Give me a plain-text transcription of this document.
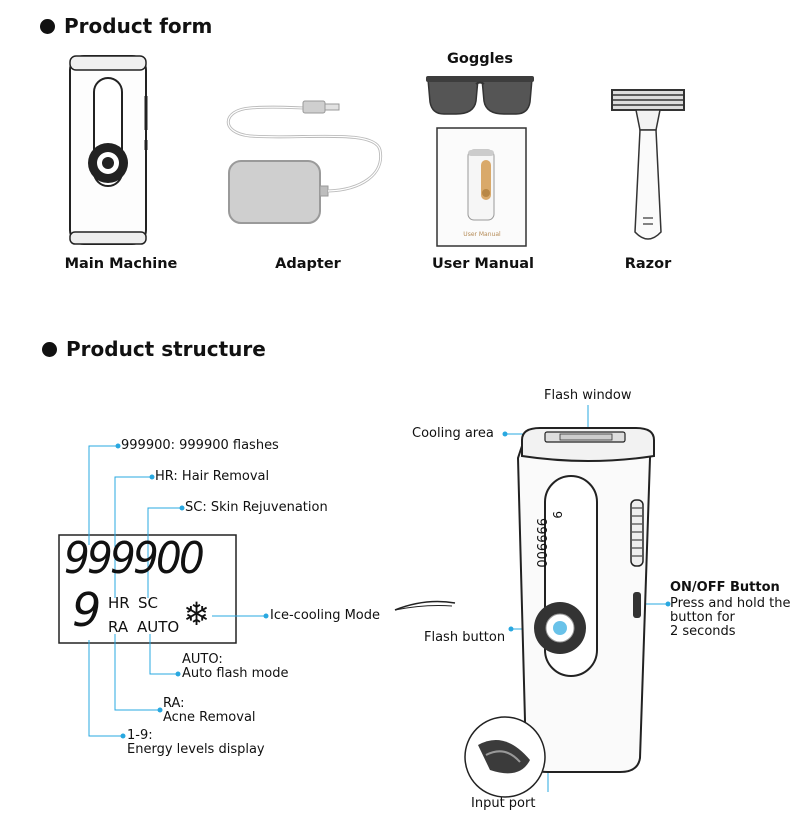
Product form
Product structure
User Manual
Main Machine	Adapter
Goggles
User Manual	Razor
999900
9 HR SC
RA AUTO ❄
999900
9
999900: 999900 flashes
HR: Hair Removal
SC: Skin Rejuvenation
Ice-cooling Mode
AUTO:
Auto flash mode
RA:
Acne Removal
1-9:
Energy levels display
Flash window
Cooling area
Flash button
ON/OFF Button
Press and hold the
button for
2 seconds
Input port
